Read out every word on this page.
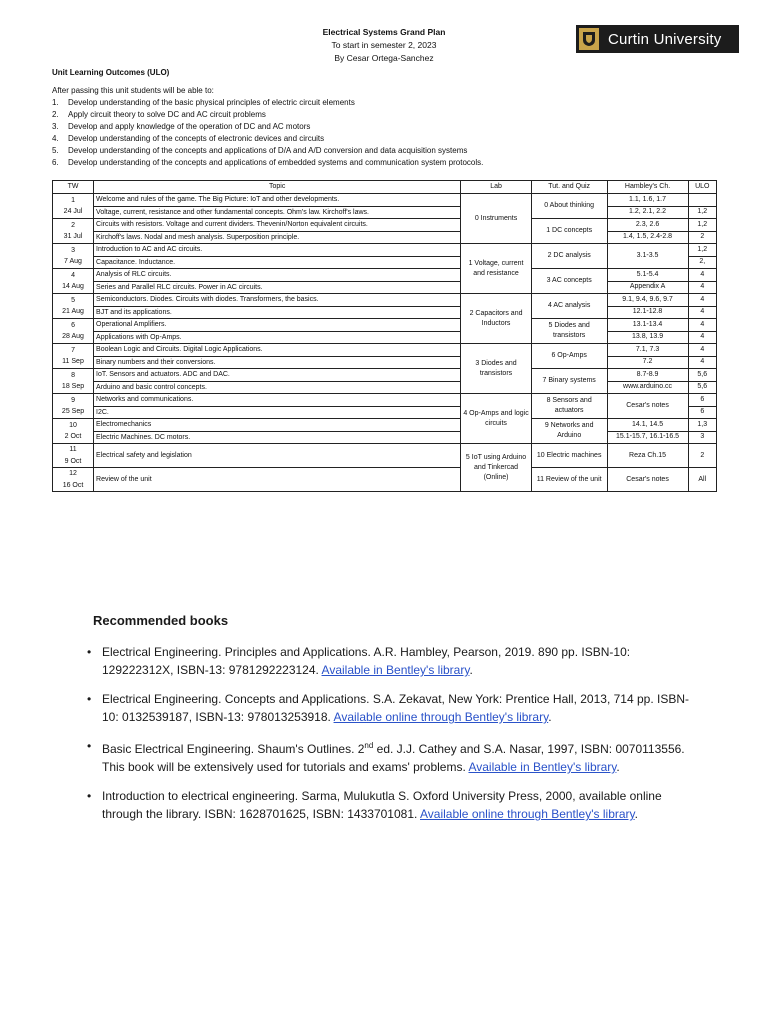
Electrical Systems Grand Plan
To start in semester 2, 2023
By Cesar Ortega-Sanchez
Curtin University
Unit Learning Outcomes (ULO)
After passing this unit students will be able to:
1.	Develop understanding of the basic physical principles of electric circuit elements
2.	Apply circuit theory to solve DC and AC circuit problems
3.	Develop and apply knowledge of the operation of DC and AC motors
4.	Develop understanding of the concepts of electronic devices and circuits
5.	Develop understanding of the concepts and applications of D/A and A/D conversion and data acquisition systems
6.	Develop understanding of the concepts and applications of embedded systems and communication system protocols.
TW	Topic	Lab	Tut. and Quiz	Hambley's Ch.	ULO

1
24 Jul	Welcome and rules of the game. The Big Picture: IoT and other developments.	0 Instruments	0 About thinking	1.1, 1.6, 1.7	
	Voltage, current, resistance and other fundamental concepts. Ohm's law. Kirchoff's laws.			1.2, 2.1, 2.2	1,2

2
31 Jul	Circuits with resistors. Voltage and current dividers. Thevenin/Norton equivalent circuits.		1 DC concepts	2.3, 2.6	1,2
	Kirchoff's laws. Nodal and mesh analysis. Superposition principle.			1.4, 1.5, 2.4-2.8	2

3
7 Aug	Introduction to AC and AC circuits.	1 Voltage, current and resistance	2 DC analysis	3.1-3.5	1,2
	Capacitance. Inductance.				2,

4
14 Aug	Analysis of RLC circuits.		3 AC concepts	5.1-5.4	4
	Series and Parallel RLC circuits. Power in AC circuits.			Appendix A	4

5
21 Aug	Semiconductors. Diodes. Circuits with diodes. Transformers, the basics.	2 Capacitors and Inductors	4 AC analysis	9.1, 9.4, 9.6, 9.7	4
	BJT and its applications.			12.1-12.8	4

6
28 Aug	Operational Amplifiers.		5 Diodes and transistors	13.1-13.4	4
	Applications with Op-Amps.			13.8, 13.9	4

7
11 Sep	Boolean Logic and Circuits. Digital Logic Applications.	3 Diodes and transistors	6 Op-Amps	7.1, 7.3	4
	Binary numbers and their conversions.			7.2	4

8
18 Sep	IoT. Sensors and actuators. ADC and DAC.		7 Binary systems	8.7-8.9	5,6
	Arduino and basic control concepts.			www.arduino.cc	5,6

9
25 Sep	Networks and communications.	4 Op-Amps and logic circuits	8 Sensors and actuators	Cesar's notes	6
	I2C.				6

10
2 Oct	Electromechanics		9 Networks and Arduino	14.1, 14.5	1,3
	Electric Machines. DC motors.			15.1-15.7, 16.1-16.5	3

11
9 Oct	Electrical safety and legislation	5 IoT using Arduino and Tinkercad (Online)	10 Electric machines	Reza Ch.15	2

12
16 Oct	Review of the unit		11 Review of the unit	Cesar's notes	All
Recommended books
• Electrical Engineering. Principles and Applications. A.R. Hambley, Pearson, 2019. 890 pp. ISBN-10: 129222312X, ISBN-13: 9781292223124. Available in Bentley's library.
• Electrical Engineering. Concepts and Applications. S.A. Zekavat, New York: Prentice Hall, 2013, 714 pp. ISBN-10: 0132539187, ISBN-13: 978013253918. Available online through Bentley's library.
• Basic Electrical Engineering. Shaum's Outlines. 2nd ed. J.J. Cathey and S.A. Nasar, 1997, ISBN: 0070113556. This book will be extensively used for tutorials and exams' problems. Available in Bentley's library.
• Introduction to electrical engineering. Sarma, Mulukutla S. Oxford University Press, 2000, available online through the library. ISBN: 1628701625, ISBN: 1433701081. Available online through Bentley's library.
